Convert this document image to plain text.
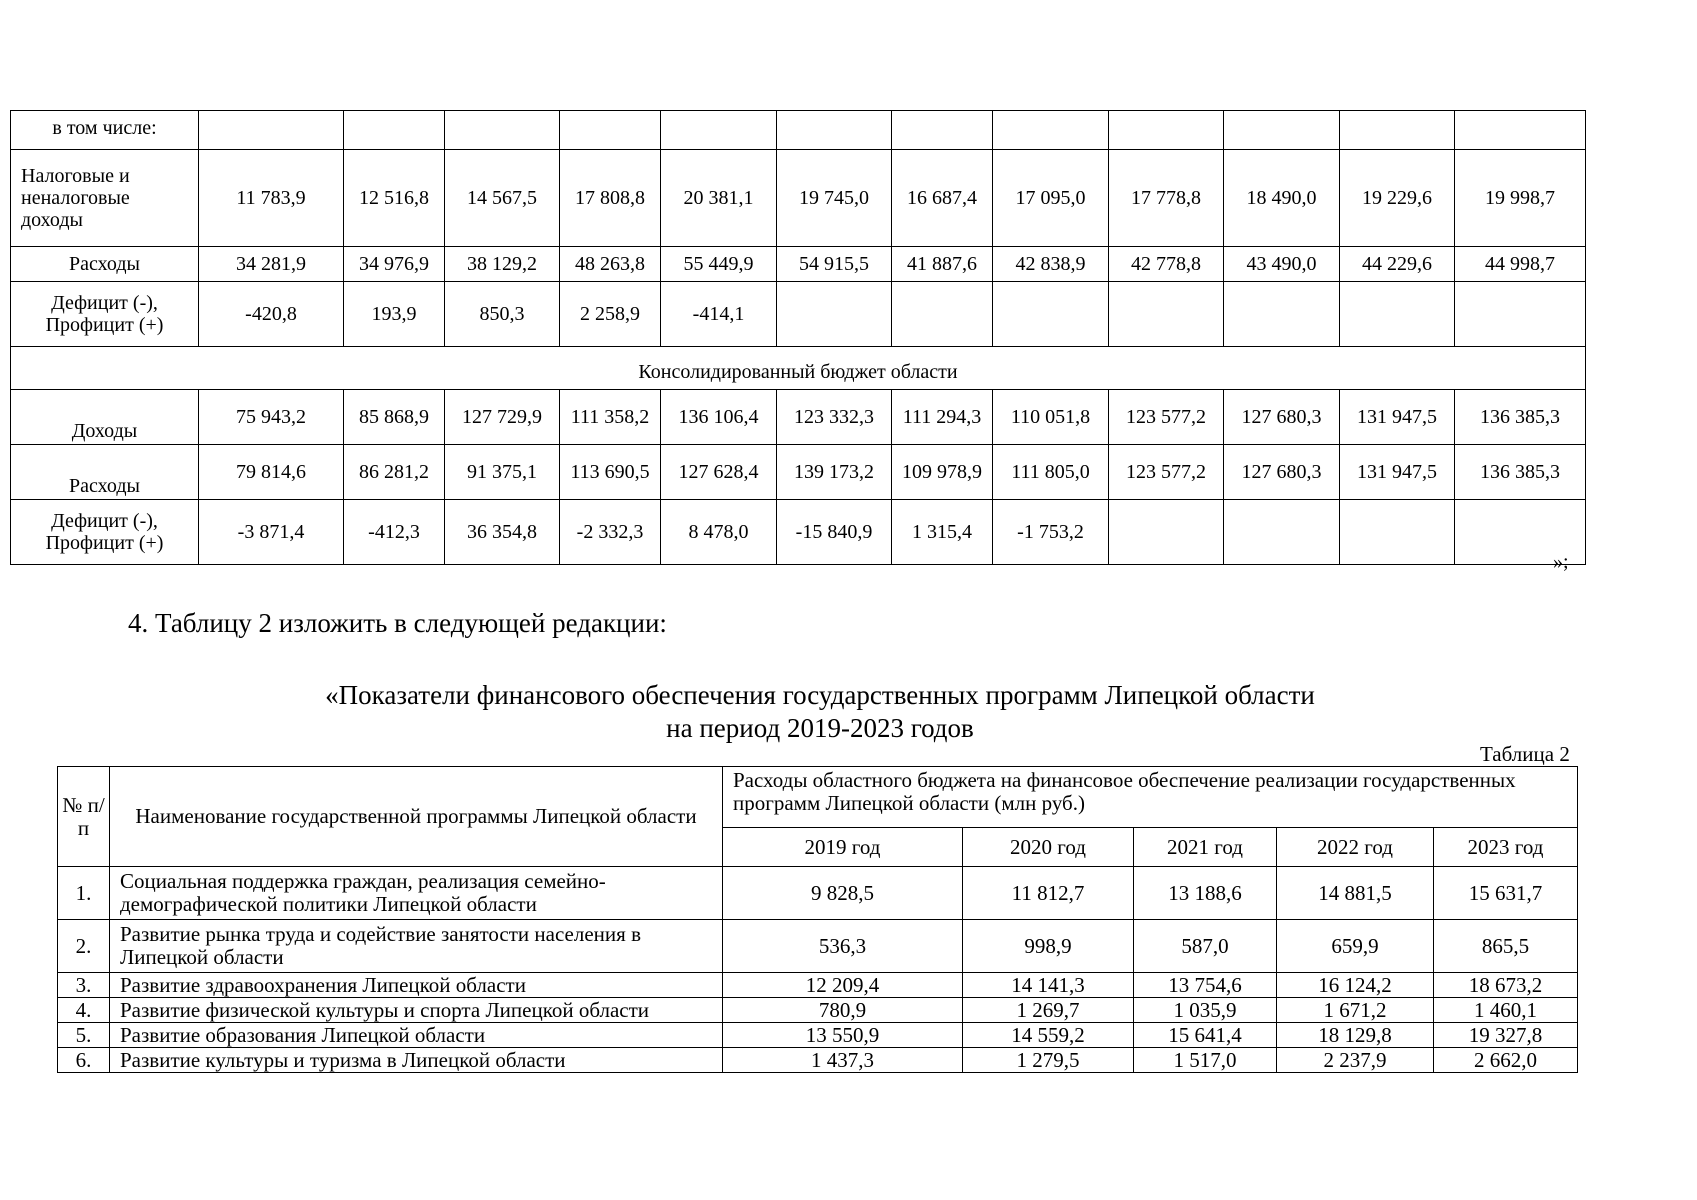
в том числе:												
Налоговые и неналоговые доходы	11 783,9	12 516,8	14 567,5	17 808,8	20 381,1	19 745,0	16 687,4	17 095,0	17 778,8	18 490,0	19 229,6	19 998,7
Расходы	34 281,9	34 976,9	38 129,2	48 263,8	55 449,9	54 915,5	41 887,6	42 838,9	42 778,8	43 490,0	44 229,6	44 998,7
Дефицит (-), Профицит (+)	-420,8	193,9	850,3	2 258,9	-414,1							
Консолидированный бюджет области												
Доходы	75 943,2	85 868,9	127 729,9	111 358,2	136 106,4	123 332,3	111 294,3	110 051,8	123 577,2	127 680,3	131 947,5	136 385,3
Расходы	79 814,6	86 281,2	91 375,1	113 690,5	127 628,4	139 173,2	109 978,9	111 805,0	123 577,2	127 680,3	131 947,5	136 385,3
Дефицит (-), Профицит (+)	-3 871,4	-412,3	36 354,8	-2 332,3	8 478,0	-15 840,9	1 315,4	-1 753,2				
»;
4. Таблицу 2 изложить в следующей редакции:
«Показатели финансового обеспечения государственных программ Липецкой области
на период 2019-2023 годов
Таблица 2
№ п/п	Наименование государственной программы Липецкой области	Расходы областного бюджета на финансовое обеспечение реализации государственных программ Липецкой области (млн руб.)				
		2019 год	2020 год	2021 год	2022 год	2023 год
1.	Социальная поддержка граждан, реализация семейно-демографической политики Липецкой области	9 828,5	11 812,7	13 188,6	14 881,5	15 631,7
2.	Развитие рынка труда и содействие занятости населения в Липецкой области	536,3	998,9	587,0	659,9	865,5
3.	Развитие здравоохранения Липецкой области	12 209,4	14 141,3	13 754,6	16 124,2	18 673,2
4.	Развитие физической культуры и спорта Липецкой области	780,9	1 269,7	1 035,9	1 671,2	1 460,1
5.	Развитие образования Липецкой области	13 550,9	14 559,2	15 641,4	18 129,8	19 327,8
6.	Развитие культуры и туризма в Липецкой области	1 437,3	1 279,5	1 517,0	2 237,9	2 662,0
